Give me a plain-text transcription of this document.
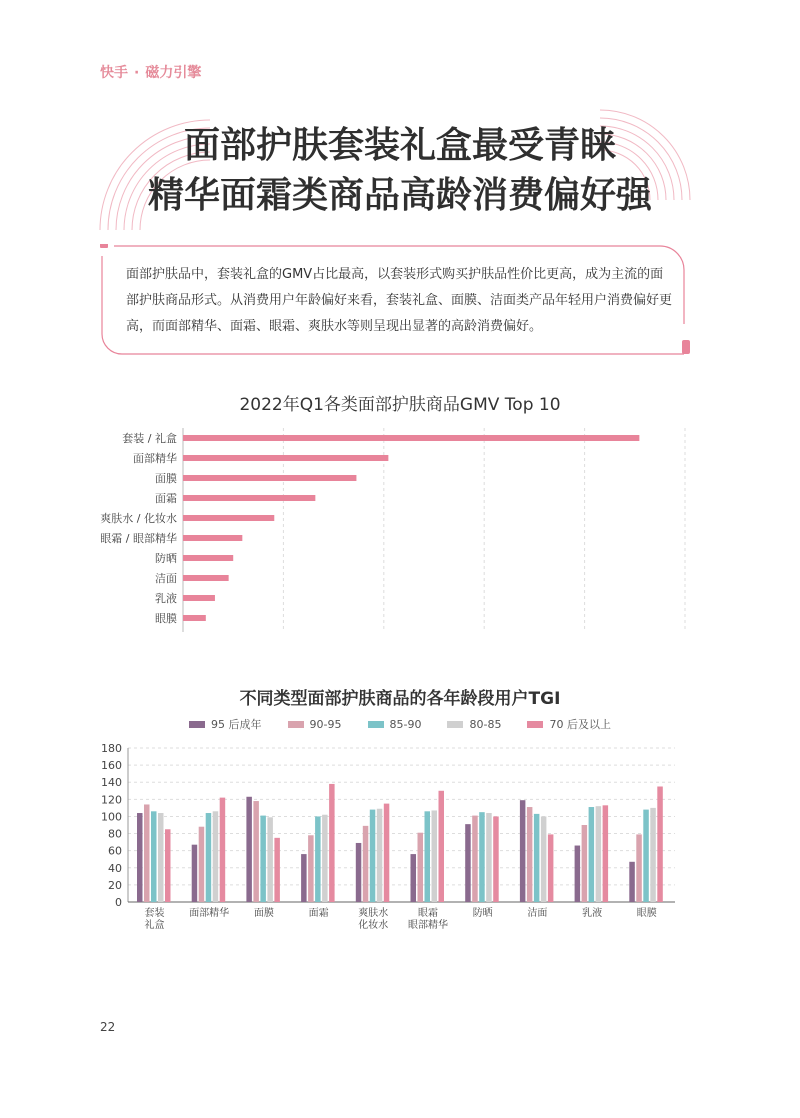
快手 · 磁力引擎
面部护肤套装礼盒最受青睐
精华面霜类商品高龄消费偏好强
面部护肤品中，套装礼盒的GMV占比最高，以套装形式购买护肤品性价比更高，成为主流的面部护肤商品形式。从消费用户年龄偏好来看，套装礼盒、面膜、洁面类产品年轻用户消费偏好更高，而面部精华、面霜、眼霜、爽肤水等则呈现出显著的高龄消费偏好。
2022年Q1各类面部护肤商品GMV Top 10
套装 / 礼盒
面部精华
面膜
面霜
爽肤水 / 化妆水
眼霜 / 眼部精华
防晒
洁面
乳液
眼膜
不同类型面部护肤商品的各年龄段用户TGI
95 后成年	90-95	85-90	80-85	70 后及以上
0
20
40
60
80
100
120
140
160
180
套装
礼盒
面部精华 面膜	面霜	爽肤水
化妆水
眼霜
眼部精华
防晒	洁面	乳液	眼膜
22
